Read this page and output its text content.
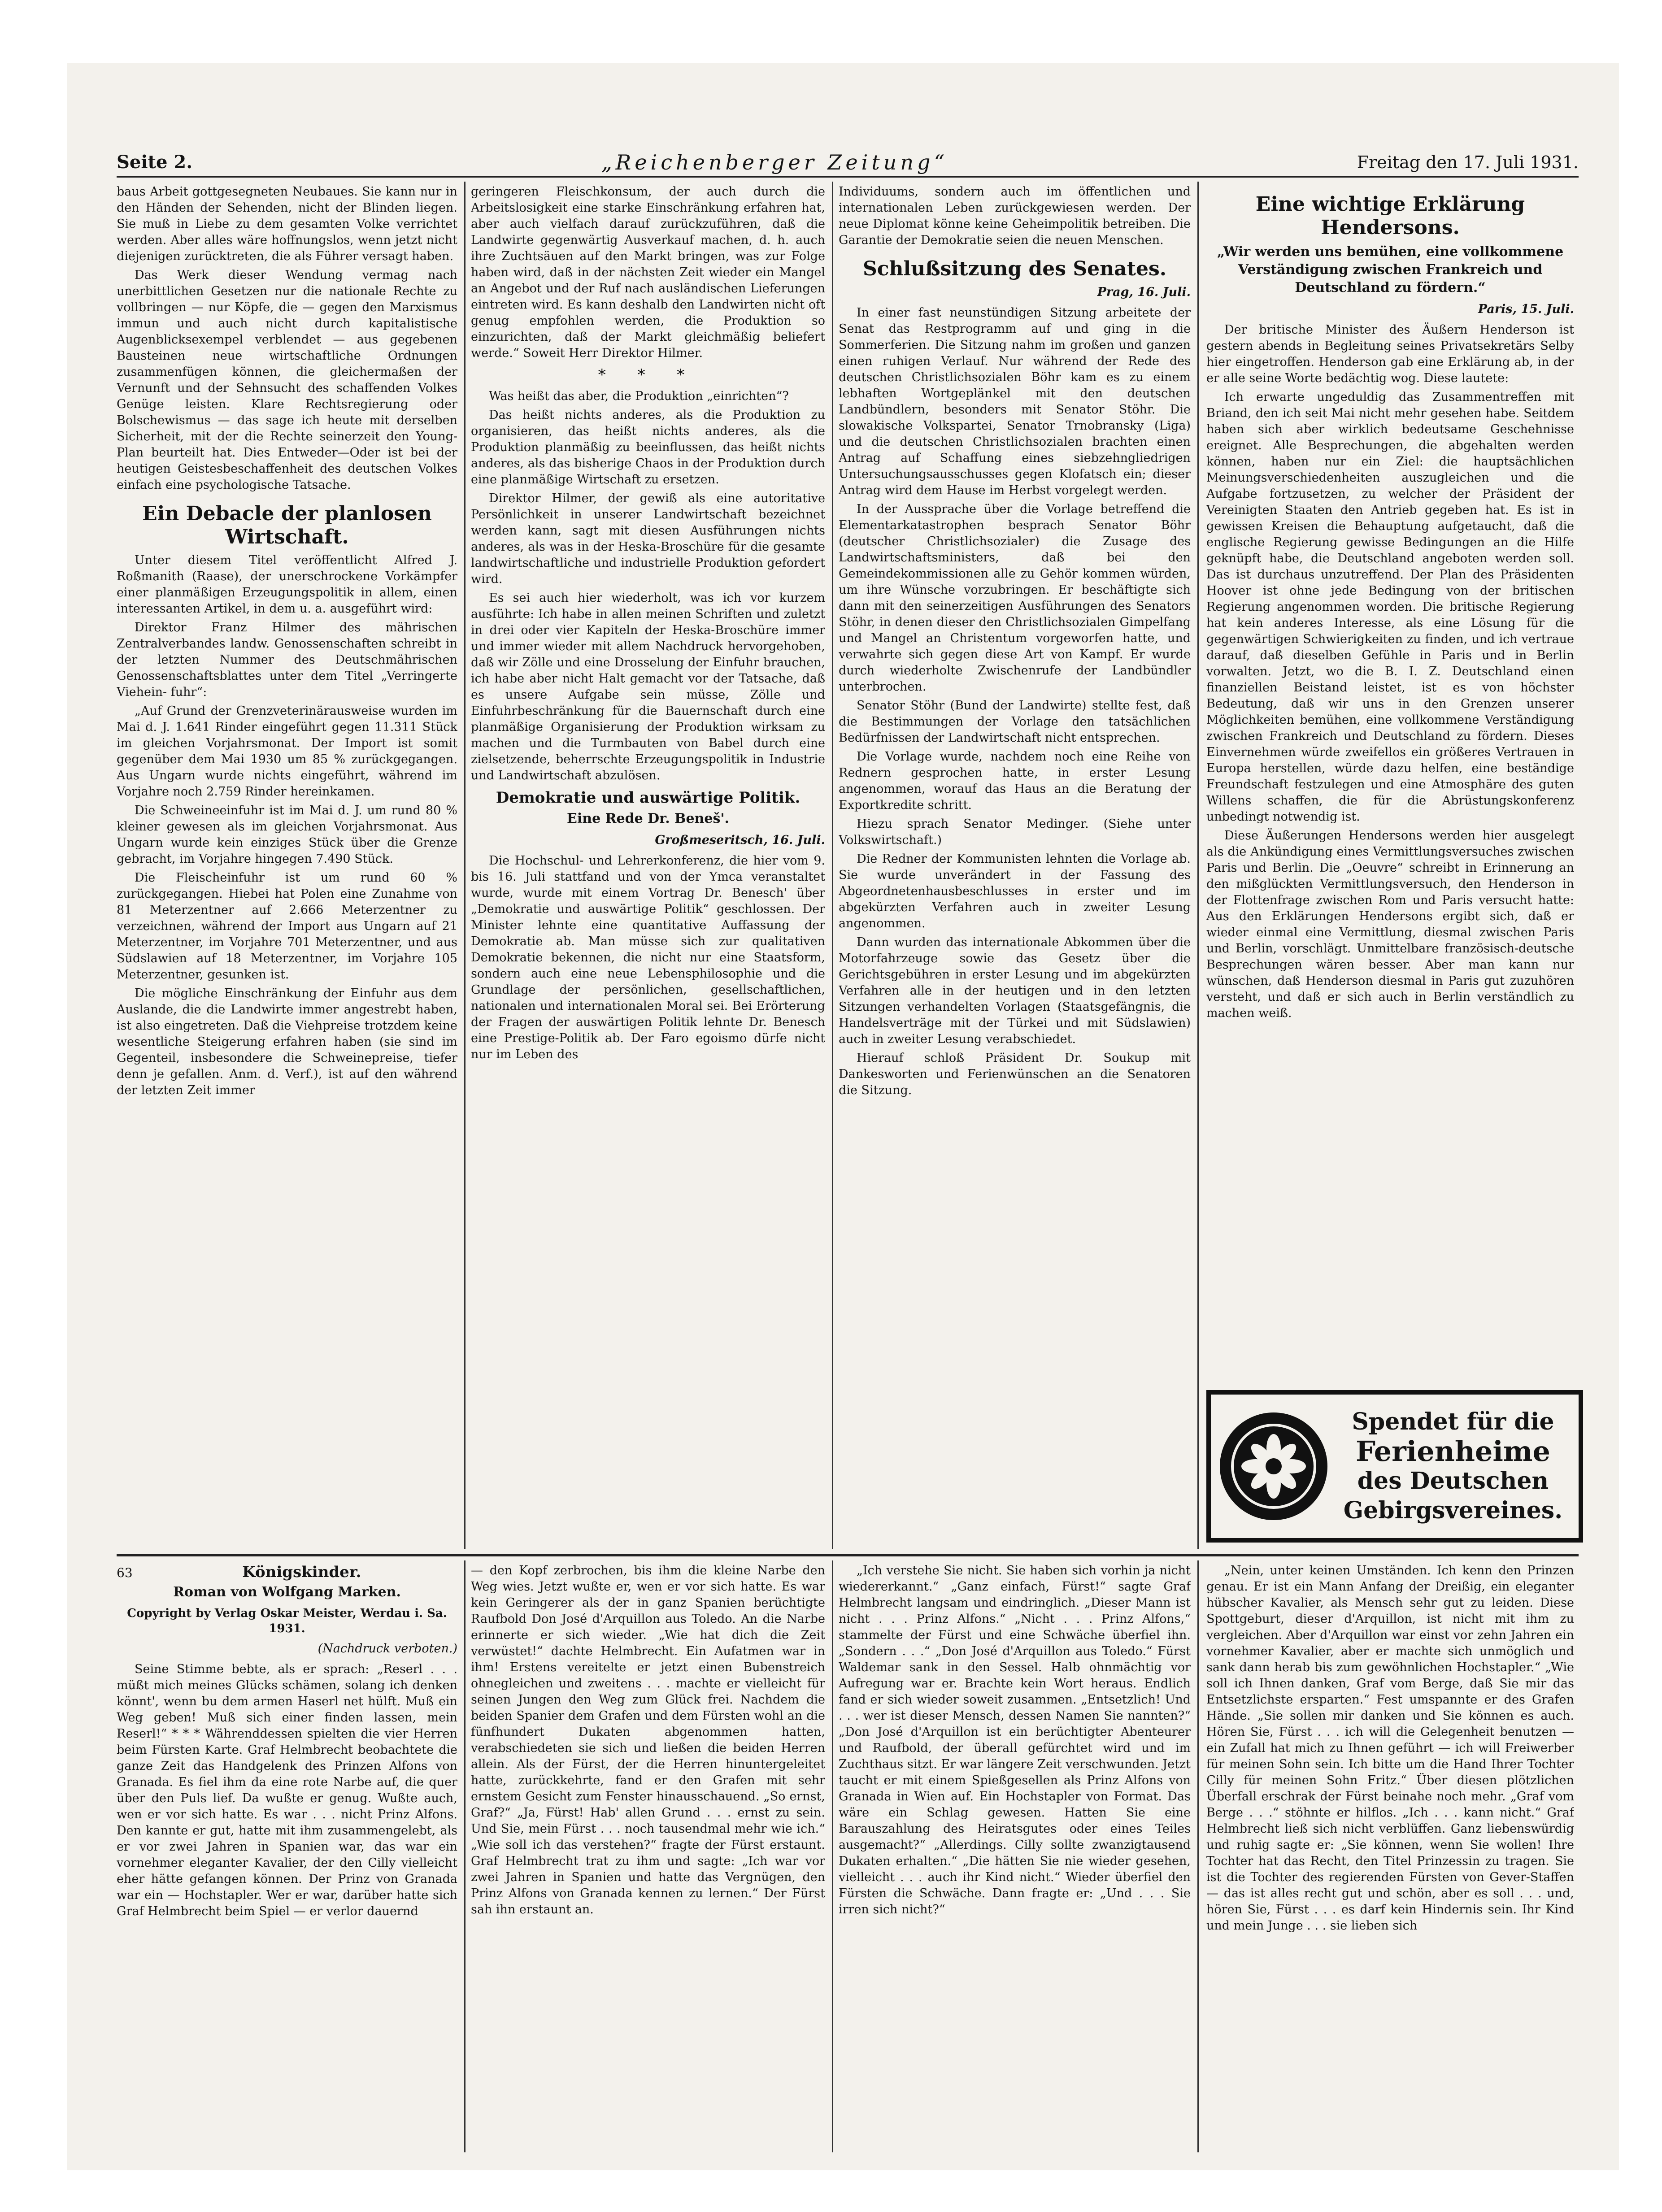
Seite 2.	„Reichenberger Zeitung“	Freitag den 17. Juli 1931.

baus Arbeit gottgesegneten Neubaues. Sie kann nur in den Händen der Sehenden, nicht der Blinden liegen. Sie muß in Liebe zu dem gesamten Volke verrichtet werden. Aber alles wäre hoffnungslos, wenn jetzt nicht diejenigen zurücktreten, die als Führer versagt haben.

Das Werk dieser Wendung vermag nach unerbittlichen Gesetzen nur die nationale Rechte zu vollbringen — nur Köpfe, die — gegen den Marxismus immun und auch nicht durch kapitalistische Augenblicksexempel verblendet — aus gegebenen Bausteinen neue wirtschaftliche Ordnungen zusammenfügen können, die gleichermaßen der Vernunft und der Sehnsucht des schaffenden Volkes Genüge leisten. Klare Rechtsregierung oder Bolschewismus — das sage ich heute mit derselben Sicherheit, mit der die Rechte seinerzeit den Young-Plan beurteilt hat. Dies Entweder—Oder ist bei der heutigen Geistesbeschaffenheit des deutschen Volkes einfach eine psychologische Tatsache.

Ein Debacle der planlosen Wirtschaft.

Unter diesem Titel veröffentlicht Alfred J. Roßmanith (Raase), der unerschrockene Vorkämpfer einer planmäßigen Erzeugungspolitik in allem, einen interessanten Artikel, in dem u. a. ausgeführt wird:

Direktor Franz Hilmer des mährischen Zentralverbandes landw. Genossenschaften schreibt in der letzten Nummer des Deutschmährischen Genossenschaftsblattes unter dem Titel „Verringerte Viehein- fuhr“:

„Auf Grund der Grenzveterinärausweise wurden im Mai d. J. 1.641 Rinder eingeführt gegen 11.311 Stück im gleichen Vorjahrsmonat. Der Import ist somit gegenüber dem Mai 1930 um 85 % zurückgegangen. Aus Ungarn wurde nichts eingeführt, während im Vorjahre noch 2.759 Rinder hereinkamen.

Die Schweineeinfuhr ist im Mai d. J. um rund 80 % kleiner gewesen als im gleichen Vorjahrsmonat. Aus Ungarn wurde kein einziges Stück über die Grenze gebracht, im Vorjahre hingegen 7.490 Stück.

Die Fleischeinfuhr ist um rund 60 % zurückgegangen. Hiebei hat Polen eine Zunahme von 81 Meterzentner auf 2.666 Meterzentner zu verzeichnen, während der Import aus Ungarn auf 21 Meterzentner, im Vorjahre 701 Meterzentner, und aus Südslawien auf 18 Meterzentner, im Vorjahre 105 Meterzentner, gesunken ist.

Die mögliche Einschränkung der Einfuhr aus dem Auslande, die die Landwirte immer angestrebt haben, ist also eingetreten. Daß die Viehpreise trotzdem keine wesentliche Steigerung erfahren haben (sie sind im Gegenteil, insbesondere die Schweinepreise, tiefer denn je gefallen. Anm. d. Verf.), ist auf den während der letzten Zeit immer

geringeren Fleischkonsum, der auch durch die Arbeitslosigkeit eine starke Einschränkung erfahren hat, aber auch vielfach darauf zurückzuführen, daß die Landwirte gegenwärtig Ausverkauf machen, d. h. auch ihre Zuchtsäuen auf den Markt bringen, was zur Folge haben wird, daß in der nächsten Zeit wieder ein Mangel an Angebot und der Ruf nach ausländischen Lieferungen eintreten wird. Es kann deshalb den Landwirten nicht oft genug empfohlen werden, die Produktion so einzurichten, daß der Markt gleichmäßig beliefert werde.“ Soweit Herr Direktor Hilmer.

* * *

Was heißt das aber, die Produktion „einrichten“?

Das heißt nichts anderes, als die Produktion zu organisieren, das heißt nichts anderes, als die Produktion planmäßig zu beeinflussen, das heißt nichts anderes, als das bisherige Chaos in der Produktion durch eine planmäßige Wirtschaft zu ersetzen.

Direktor Hilmer, der gewiß als eine autoritative Persönlichkeit in unserer Landwirtschaft bezeichnet werden kann, sagt mit diesen Ausführungen nichts anderes, als was in der Heska-Broschüre für die gesamte landwirtschaftliche und industrielle Produktion gefordert wird.

Es sei auch hier wiederholt, was ich vor kurzem ausführte: Ich habe in allen meinen Schriften und zuletzt in drei oder vier Kapiteln der Heska-Broschüre immer und immer wieder mit allem Nachdruck hervorgehoben, daß wir Zölle und eine Drosselung der Einfuhr brauchen, ich habe aber nicht Halt gemacht vor der Tatsache, daß es unsere Aufgabe sein müsse, Zölle und Einfuhrbeschränkung für die Bauernschaft durch eine planmäßige Organisierung der Produktion wirksam zu machen und die Turmbauten von Babel durch eine zielsetzende, beherrschte Erzeugungspolitik in Industrie und Landwirtschaft abzulösen.

Demokratie und auswärtige Politik.
Eine Rede Dr. Beneš'.
Großmeseritsch, 16. Juli.

Die Hochschul- und Lehrerkonferenz, die hier vom 9. bis 16. Juli stattfand und von der Ymca veranstaltet wurde, wurde mit einem Vortrag Dr. Benesch' über „Demokratie und auswärtige Politik“ geschlossen. Der Minister lehnte eine quantitative Auffassung der Demokratie ab. Man müsse sich zur qualitativen Demokratie bekennen, die nicht nur eine Staatsform, sondern auch eine neue Lebensphilosophie und die Grundlage der persönlichen, gesellschaftlichen, nationalen und internationalen Moral sei. Bei Erörterung der Fragen der auswärtigen Politik lehnte Dr. Benesch eine Prestige-Politik ab. Der Faro egoismo dürfe nicht nur im Leben des

Individuums, sondern auch im öffentlichen und internationalen Leben zurückgewiesen werden. Der neue Diplomat könne keine Geheimpolitik betreiben. Die Garantie der Demokratie seien die neuen Menschen.

Schlußsitzung des Senates.
Prag, 16. Juli.

In einer fast neunstündigen Sitzung arbeitete der Senat das Restprogramm auf und ging in die Sommerferien. Die Sitzung nahm im großen und ganzen einen ruhigen Verlauf. Nur während der Rede des deutschen Christlichsozialen Böhr kam es zu einem lebhaften Wortgeplänkel mit den deutschen Landbündlern, besonders mit Senator Stöhr. Die slowakische Volkspartei, Senator Trnobransky (Liga) und die deutschen Christlichsozialen brachten einen Antrag auf Schaffung eines siebzehngliedrigen Untersuchungsausschusses gegen Klofatsch ein; dieser Antrag wird dem Hause im Herbst vorgelegt werden.

In der Aussprache über die Vorlage betreffend die Elementarkatastrophen besprach Senator Böhr (deutscher Christlichsozialer) die Zusage des Landwirtschaftsministers, daß bei den Gemeindekommissionen alle zu Gehör kommen würden, um ihre Wünsche vorzubringen. Er beschäftigte sich dann mit den seinerzeitigen Ausführungen des Senators Stöhr, in denen dieser den Christlichsozialen Gimpelfang und Mangel an Christentum vorgeworfen hatte, und verwahrte sich gegen diese Art von Kampf. Er wurde durch wiederholte Zwischenrufe der Landbündler unterbrochen.

Senator Stöhr (Bund der Landwirte) stellte fest, daß die Bestimmungen der Vorlage den tatsächlichen Bedürfnissen der Landwirtschaft nicht entsprechen.

Die Vorlage wurde, nachdem noch eine Reihe von Rednern gesprochen hatte, in erster Lesung angenommen, worauf das Haus an die Beratung der Exportkredite schritt.

Hiezu sprach Senator Medinger. (Siehe unter Volkswirtschaft.)

Die Redner der Kommunisten lehnten die Vorlage ab. Sie wurde unverändert in der Fassung des Abgeordnetenhausbeschlusses in erster und im abgekürzten Verfahren auch in zweiter Lesung angenommen.

Dann wurden das internationale Abkommen über die Motorfahrzeuge sowie das Gesetz über die Gerichtsgebühren in erster Lesung und im abgekürzten Verfahren alle in der heutigen und in den letzten Sitzungen verhandelten Vorlagen (Staatsgefängnis, die Handelsverträge mit der Türkei und mit Südslawien) auch in zweiter Lesung verabschiedet.

Hierauf schloß Präsident Dr. Soukup mit Dankesworten und Ferienwünschen an die Senatoren die Sitzung.

Eine wichtige Erklärung Hendersons.
„Wir werden uns bemühen, eine vollkommene Verständigung zwischen Frankreich und Deutschland zu fördern.“
Paris, 15. Juli.

Der britische Minister des Äußern Henderson ist gestern abends in Begleitung seines Privatsekretärs Selby hier eingetroffen. Henderson gab eine Erklärung ab, in der er alle seine Worte bedächtig wog. Diese lautete:

Ich erwarte ungeduldig das Zusammentreffen mit Briand, den ich seit Mai nicht mehr gesehen habe. Seitdem haben sich aber wirklich bedeutsame Geschehnisse ereignet. Alle Besprechungen, die abgehalten werden können, haben nur ein Ziel: die hauptsächlichen Meinungsverschiedenheiten auszugleichen und die Aufgabe fortzusetzen, zu welcher der Präsident der Vereinigten Staaten den Antrieb gegeben hat. Es ist in gewissen Kreisen die Behauptung aufgetaucht, daß die englische Regierung gewisse Bedingungen an die Hilfe geknüpft habe, die Deutschland angeboten werden soll. Das ist durchaus unzutreffend. Der Plan des Präsidenten Hoover ist ohne jede Bedingung von der britischen Regierung angenommen worden. Die britische Regierung hat kein anderes Interesse, als eine Lösung für die gegenwärtigen Schwierigkeiten zu finden, und ich vertraue darauf, daß dieselben Gefühle in Paris und in Berlin vorwalten. Jetzt, wo die B. I. Z. Deutschland einen finanziellen Beistand leistet, ist es von höchster Bedeutung, daß wir uns in den Grenzen unserer Möglichkeiten bemühen, eine vollkommene Verständigung zwischen Frankreich und Deutschland zu fördern. Dieses Einvernehmen würde zweifellos ein größeres Vertrauen in Europa herstellen, würde dazu helfen, eine beständige Freundschaft festzulegen und eine Atmosphäre des guten Willens schaffen, die für die Abrüstungskonferenz unbedingt notwendig ist.

Diese Äußerungen Hendersons werden hier ausgelegt als die Ankündigung eines Vermittlungsversuches zwischen Paris und Berlin. Die „Oeuvre“ schreibt in Erinnerung an den mißglückten Vermittlungsversuch, den Henderson in der Flottenfrage zwischen Rom und Paris versucht hatte: Aus den Erklärungen Hendersons ergibt sich, daß er wieder einmal eine Vermittlung, diesmal zwischen Paris und Berlin, vorschlägt. Unmittelbare französisch-deutsche Besprechungen wären besser. Aber man kann nur wünschen, daß Henderson diesmal in Paris gut zuzuhören versteht, und daß er sich auch in Berlin verständlich zu machen weiß.

Spendet für die
Ferienheime
des Deutschen
Gebirgsvereines.
63	Königskinder.
Roman von Wolfgang Marken.
Copyright by Verlag Oskar Meister, Werdau i. Sa. 1931.
(Nachdruck verboten.)

Seine Stimme bebte, als er sprach: „Reserl . . . müßt mich meines Glücks schämen, solang ich denken könnt', wenn bu dem armen Haserl net hülft. Muß ein Weg geben! Muß sich einer finden lassen, mein Reserl!“ * * * Währenddessen spielten die vier Herren beim Fürsten Karte. Graf Helmbrecht beobachtete die ganze Zeit das Handgelenk des Prinzen Alfons von Granada. Es fiel ihm da eine rote Narbe auf, die quer über den Puls lief. Da wußte er genug. Wußte auch, wen er vor sich hatte. Es war . . . nicht Prinz Alfons. Den kannte er gut, hatte mit ihm zusammengelebt, als er vor zwei Jahren in Spanien war, das war ein vornehmer eleganter Kavalier, der den Cilly vielleicht eher hätte gefangen können. Der Prinz von Granada war ein — Hochstapler. Wer er war, darüber hatte sich Graf Helmbrecht beim Spiel — er verlor dauernd

— den Kopf zerbrochen, bis ihm die kleine Narbe den Weg wies. Jetzt wußte er, wen er vor sich hatte. Es war kein Geringerer als der in ganz Spanien berüchtigte Raufbold Don José d'Arquillon aus Toledo. An die Narbe erinnerte er sich wieder. „Wie hat dich die Zeit verwüstet!“ dachte Helmbrecht. Ein Aufatmen war in ihm! Erstens vereitelte er jetzt einen Bubenstreich ohnegleichen und zweitens . . . machte er vielleicht für seinen Jungen den Weg zum Glück frei. Nachdem die beiden Spanier dem Grafen und dem Fürsten wohl an die fünfhundert Dukaten abgenommen hatten, verabschiedeten sie sich und ließen die beiden Herren allein. Als der Fürst, der die Herren hinuntergeleitet hatte, zurückkehrte, fand er den Grafen mit sehr ernstem Gesicht zum Fenster hinausschauend. „So ernst, Graf?“ „Ja, Fürst! Hab' allen Grund . . . ernst zu sein. Und Sie, mein Fürst . . . noch tausendmal mehr wie ich.“ „Wie soll ich das verstehen?“ fragte der Fürst erstaunt. Graf Helmbrecht trat zu ihm und sagte: „Ich war vor zwei Jahren in Spanien und hatte das Vergnügen, den Prinz Alfons von Granada kennen zu lernen.“ Der Fürst sah ihn erstaunt an.

„Ich verstehe Sie nicht. Sie haben sich vorhin ja nicht wiedererkannt.“ „Ganz einfach, Fürst!“ sagte Graf Helmbrecht langsam und eindringlich. „Dieser Mann ist nicht . . . Prinz Alfons.“ „Nicht . . . Prinz Alfons,“ stammelte der Fürst und eine Schwäche überfiel ihn. „Sondern . . .“ „Don José d'Arquillon aus Toledo.“ Fürst Waldemar sank in den Sessel. Halb ohnmächtig vor Aufregung war er. Brachte kein Wort heraus. Endlich fand er sich wieder soweit zusammen. „Entsetzlich! Und . . . wer ist dieser Mensch, dessen Namen Sie nannten?“ „Don José d'Arquillon ist ein berüchtigter Abenteurer und Raufbold, der überall gefürchtet wird und im Zuchthaus sitzt. Er war längere Zeit verschwunden. Jetzt taucht er mit einem Spießgesellen als Prinz Alfons von Granada in Wien auf. Ein Hochstapler von Format. Das wäre ein Schlag gewesen. Hatten Sie eine Barauszahlung des Heiratsgutes oder eines Teiles ausgemacht?“ „Allerdings. Cilly sollte zwanzigtausend Dukaten erhalten.“ „Die hätten Sie nie wieder gesehen, vielleicht . . . auch ihr Kind nicht.“ Wieder überfiel den Fürsten die Schwäche. Dann fragte er: „Und . . . Sie irren sich nicht?“

„Nein, unter keinen Umständen. Ich kenn den Prinzen genau. Er ist ein Mann Anfang der Dreißig, ein eleganter hübscher Kavalier, als Mensch sehr gut zu leiden. Diese Spottgeburt, dieser d'Arquillon, ist nicht mit ihm zu vergleichen. Aber d'Arquillon war einst vor zehn Jahren ein vornehmer Kavalier, aber er machte sich unmöglich und sank dann herab bis zum gewöhnlichen Hochstapler.“ „Wie soll ich Ihnen danken, Graf vom Berge, daß Sie mir das Entsetzlichste ersparten.“ Fest umspannte er des Grafen Hände. „Sie sollen mir danken und Sie können es auch. Hören Sie, Fürst . . . ich will die Gelegenheit benutzen — ein Zufall hat mich zu Ihnen geführt — ich will Freiwerber für meinen Sohn sein. Ich bitte um die Hand Ihrer Tochter Cilly für meinen Sohn Fritz.“ Über diesen plötzlichen Überfall erschrak der Fürst beinahe noch mehr. „Graf vom Berge . . .“ stöhnte er hilflos. „Ich . . . kann nicht.“ Graf Helmbrecht ließ sich nicht verblüffen. Ganz liebenswürdig und ruhig sagte er: „Sie können, wenn Sie wollen! Ihre Tochter hat das Recht, den Titel Prinzessin zu tragen. Sie ist die Tochter des regierenden Fürsten von Gever-Staffen — das ist alles recht gut und schön, aber es soll . . . und, hören Sie, Fürst . . . es darf kein Hindernis sein. Ihr Kind und mein Junge . . . sie lieben sich
